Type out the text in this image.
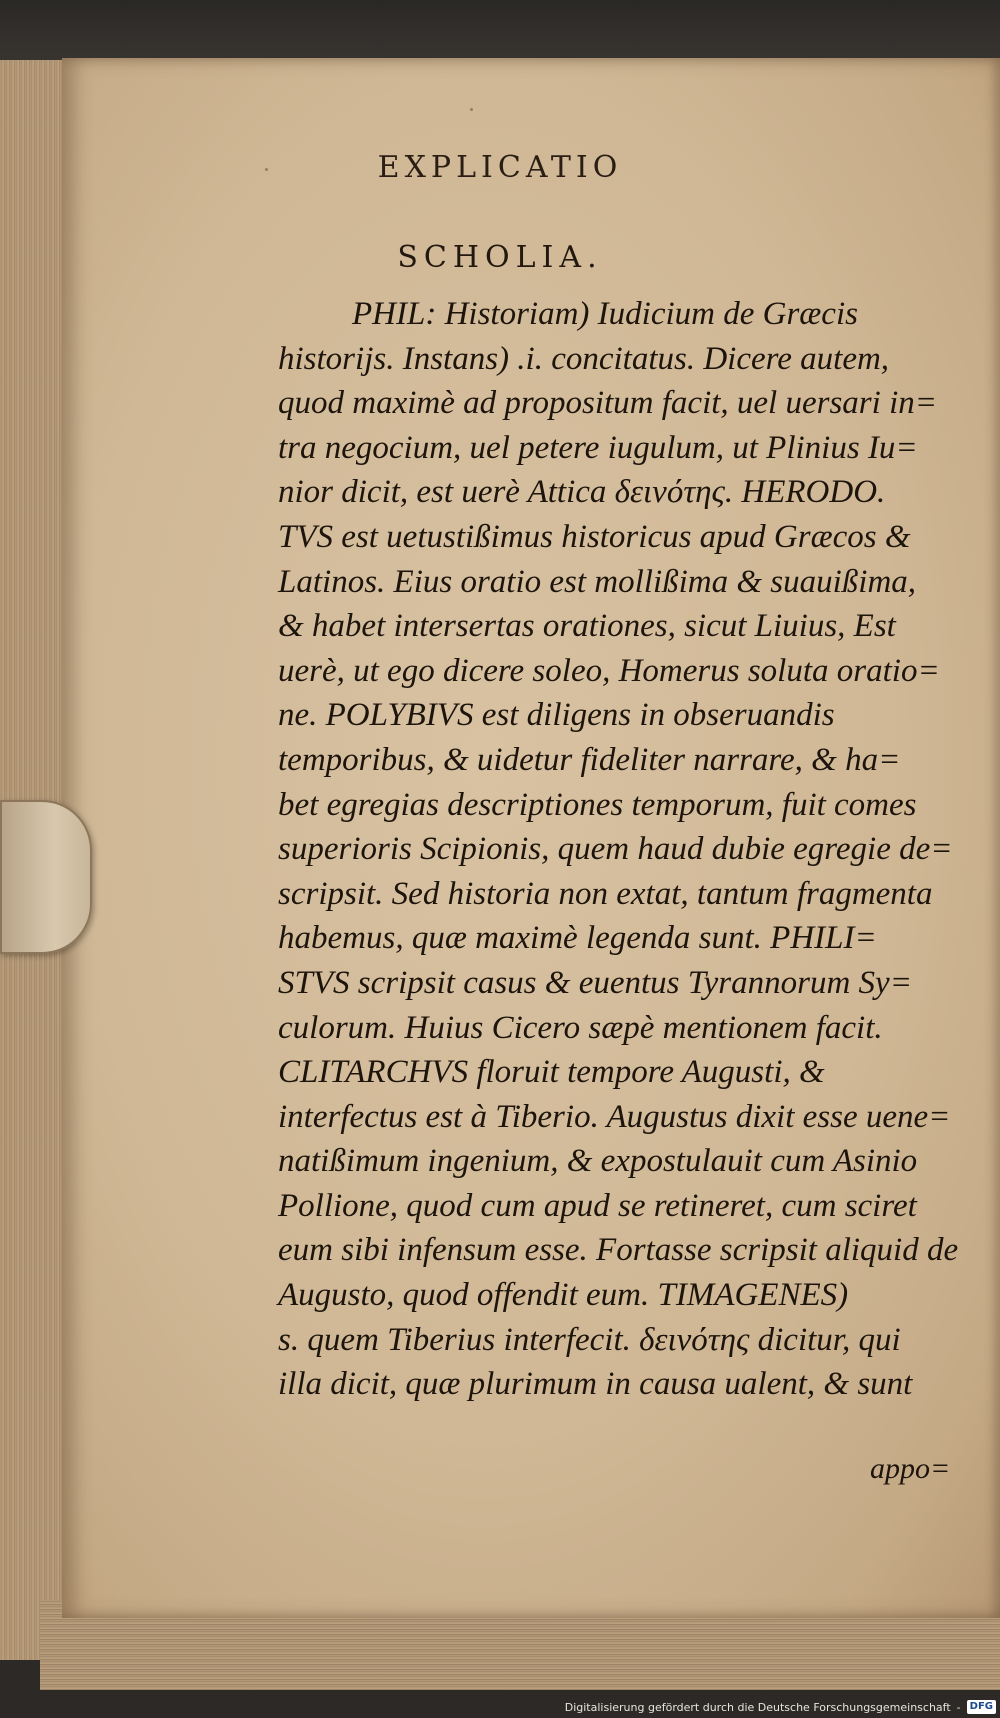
EXPLICATIO
SCHOLIA.
PHIL: Historiam) Iudicium de Græcis
historijs. Instans) .i. concitatus. Dicere autem,
quod maximè ad propositum facit, uel uersari in=
tra negocium, uel petere iugulum, ut Plinius Iu=
nior dicit, est uerè Attica δεινότης. HERODO.
TVS est uetustißimus historicus apud Græcos &
Latinos. Eius oratio est mollißima & suauißima,
& habet intersertas orationes, sicut Liuius, Est
uerè, ut ego dicere soleo, Homerus soluta oratio=
ne. POLYBIVS est diligens in obseruandis
temporibus, & uidetur fideliter narrare, & ha=
bet egregias descriptiones temporum, fuit comes
superioris Scipionis, quem haud dubie egregie de=
scripsit. Sed historia non extat, tantum fragmenta
habemus, quæ maximè legenda sunt. PHILI=
STVS scripsit casus & euentus Tyrannorum Sy=
culorum. Huius Cicero sæpè mentionem facit.
CLITARCHVS floruit tempore Augusti, &
interfectus est à Tiberio. Augustus dixit esse uene=
natißimum ingenium, & expostulauit cum Asinio
Pollione, quod cum apud se retineret, cum sciret
eum sibi infensum esse. Fortasse scripsit aliquid de
Augusto, quod offendit eum. TIMAGENES)
s. quem Tiberius interfecit. δεινότης dicitur, qui
illa dicit, quæ plurimum in causa ualent, & sunt
appo=
Digitalisierung gefördert durch die Deutsche Forschungsgemeinschaft - DFG
